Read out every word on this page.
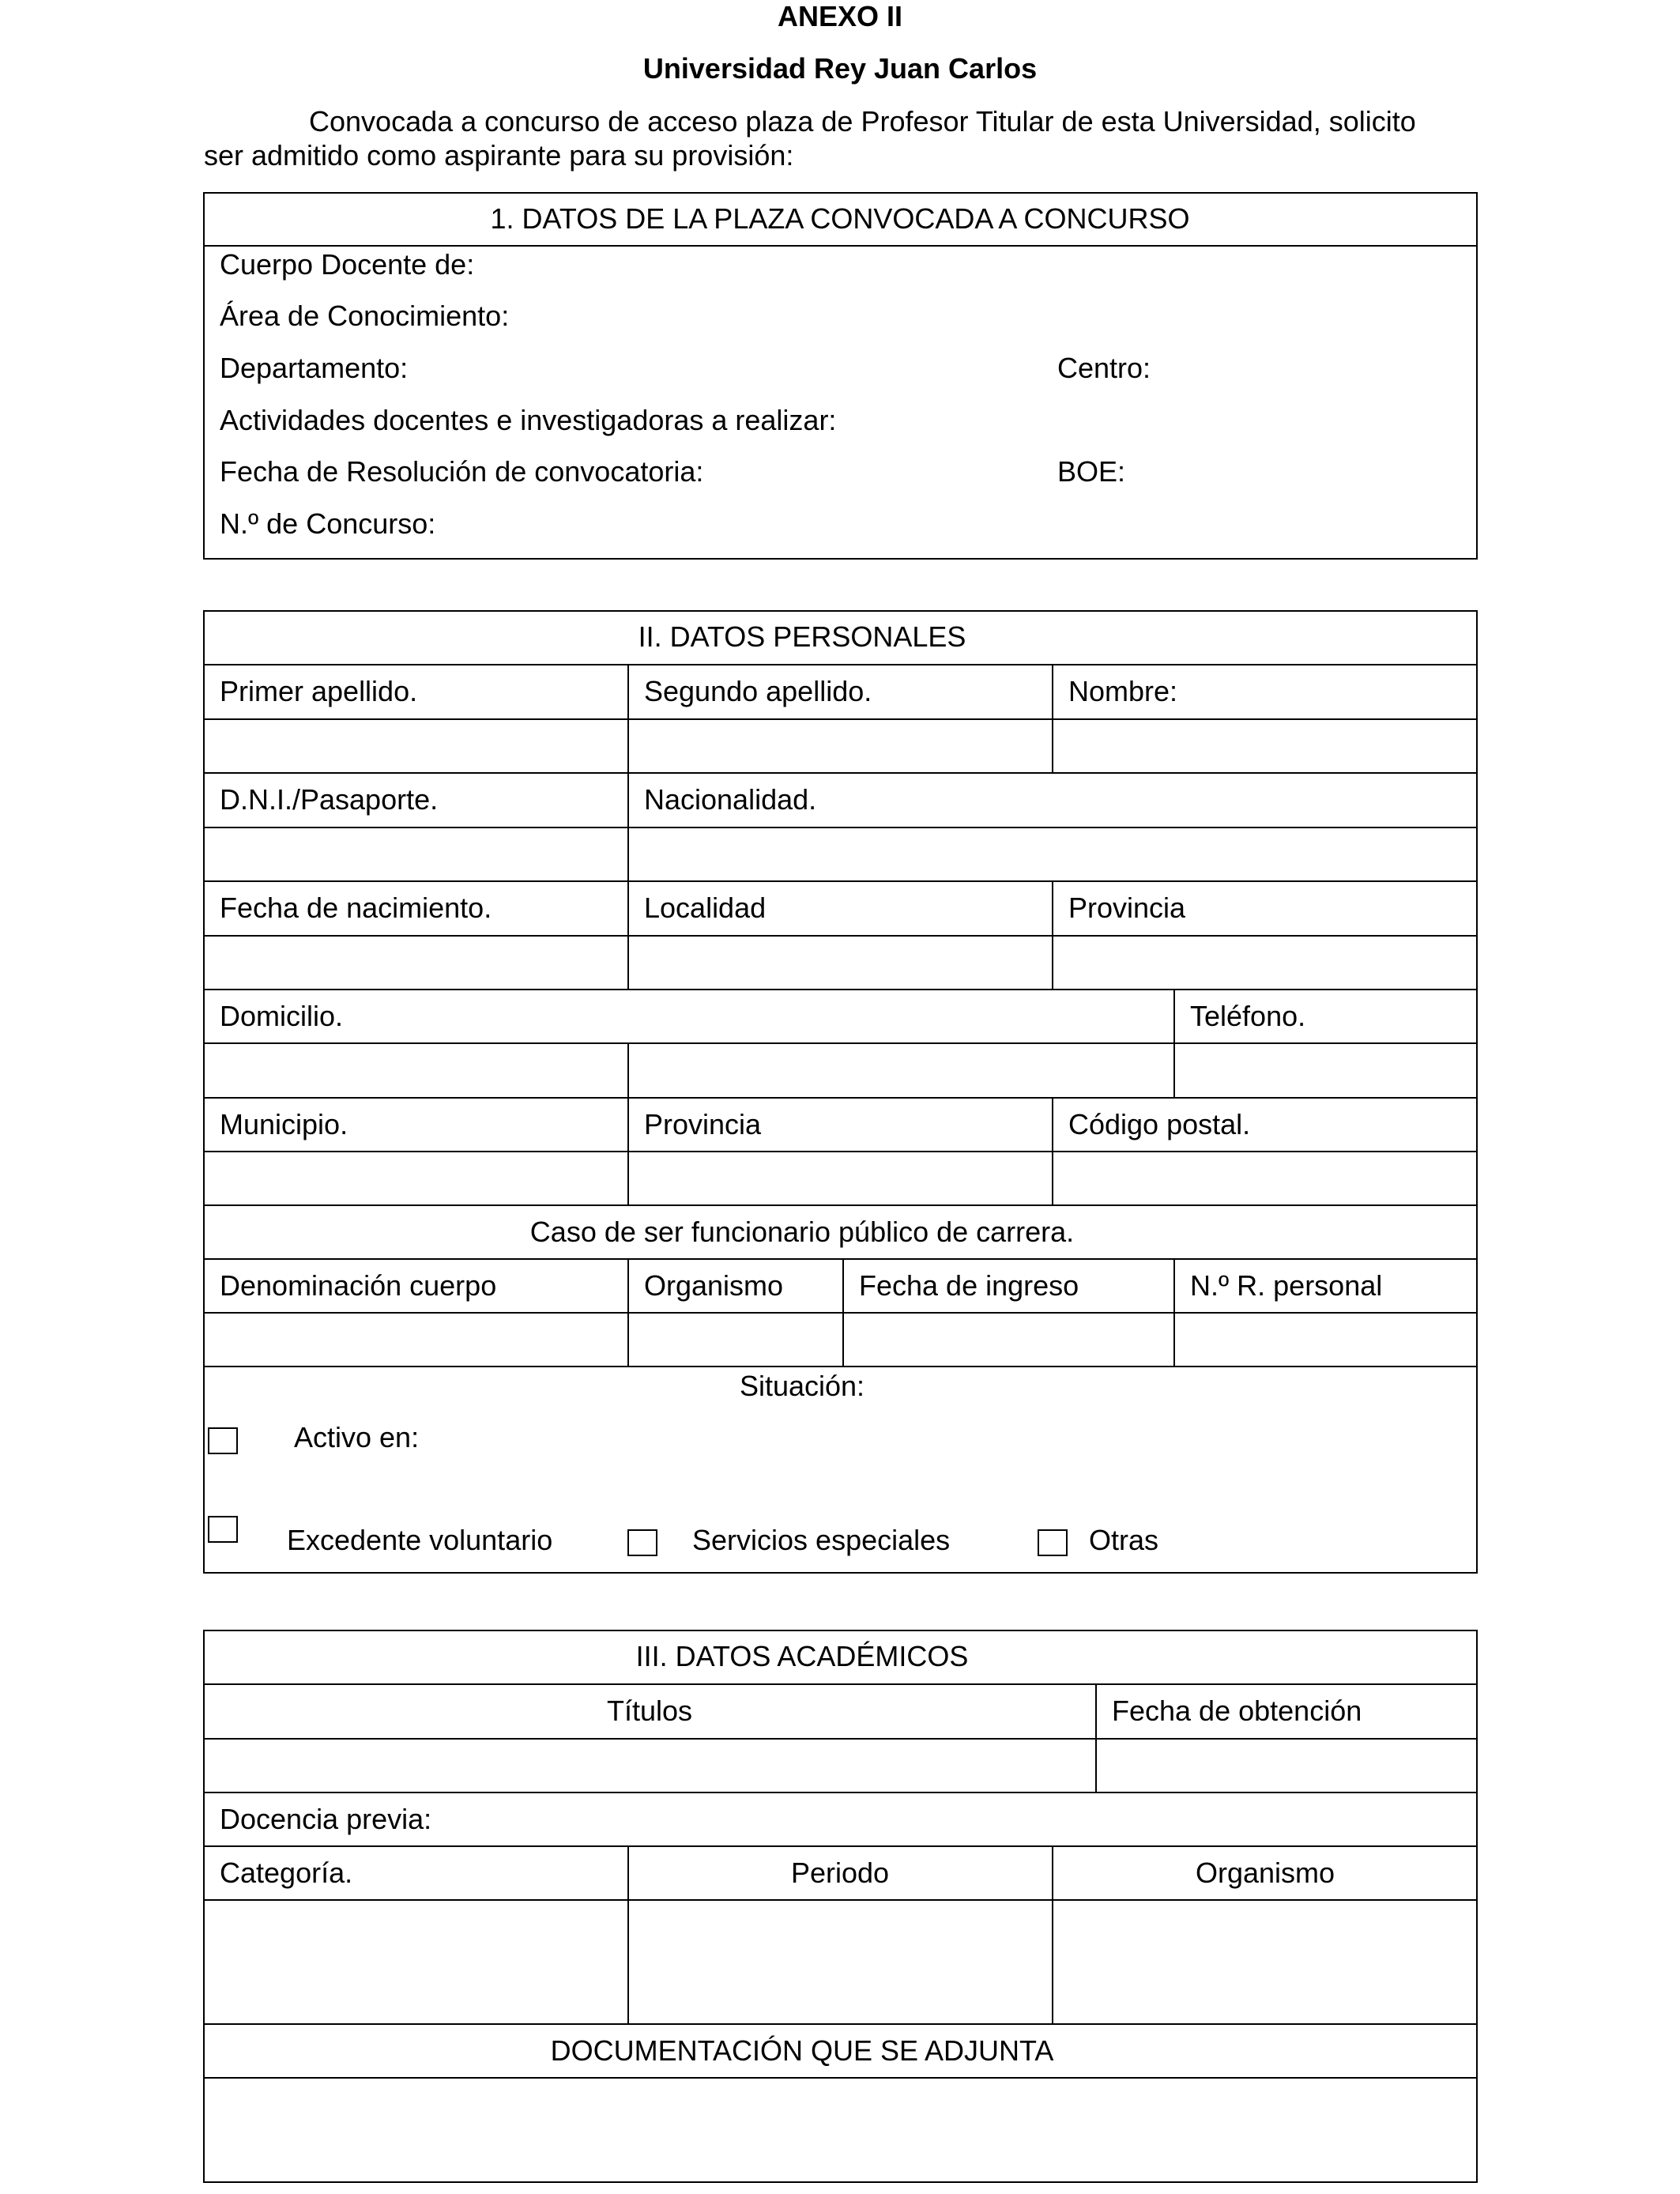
ANEXO II
Universidad Rey Juan Carlos
Convocada a concurso de acceso plaza de Profesor Titular de esta Universidad, solicito
ser admitido como aspirante para su provisión:
1. DATOS DE LA PLAZA CONVOCADA A CONCURSO
Cuerpo Docente de:
Área de Conocimiento:
Departamento:	Centro:
Actividades docentes e investigadoras a realizar:
Fecha de Resolución de convocatoria:	BOE:
N.º de Concurso:
II. DATOS PERSONALES
Primer apellido.	Segundo apellido.	Nombre:
D.N.I./Pasaporte.	Nacionalidad.
Fecha de nacimiento.	Localidad	Provincia
Domicilio.	Teléfono.
Municipio.	Provincia	Código postal.
Caso de ser funcionario público de carrera.
Denominación cuerpo	Organismo	Fecha de ingreso	N.º R. personal
Situación:
Activo en:
Excedente voluntario	Servicios especiales	Otras
III. DATOS ACADÉMICOS
Títulos	Fecha de obtención
Docencia previa:
Categoría.	Periodo	Organismo
DOCUMENTACIÓN QUE SE ADJUNTA
